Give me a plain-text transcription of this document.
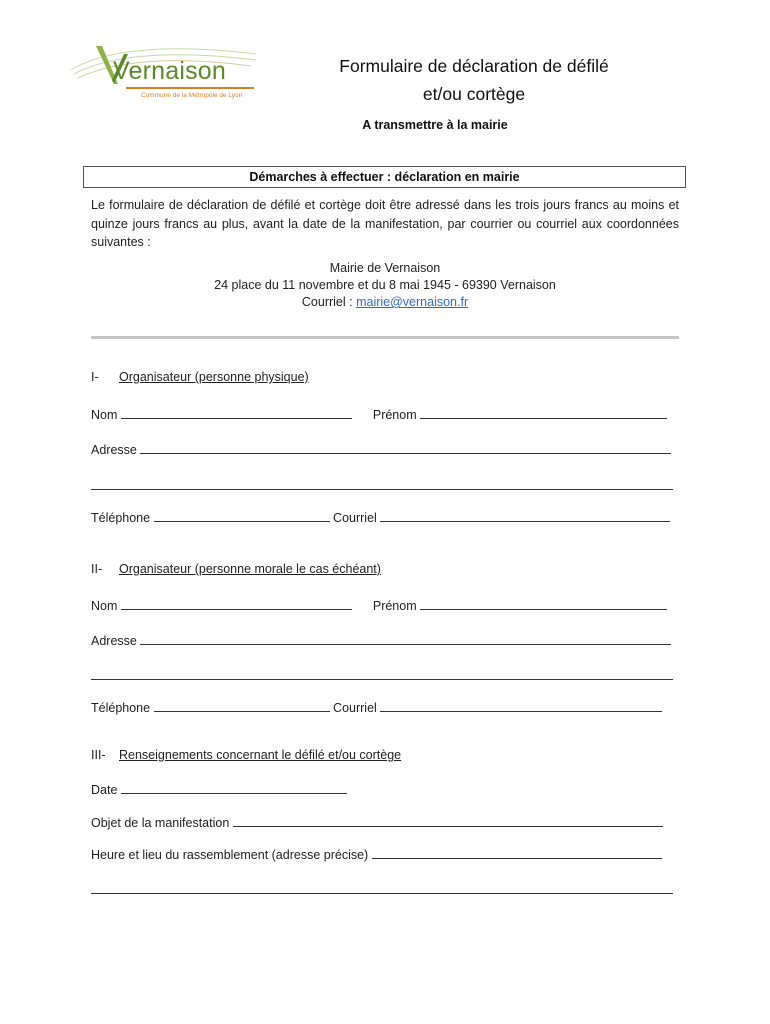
Vernaison
Commune de la Métropole de Lyon
Formulaire de déclaration de défilé
et/ou cortège
A transmettre à la mairie
Démarches à effectuer : déclaration en mairie

Le formulaire de déclaration de défilé et cortège doit être adressé dans les trois jours francs au moins et quinze jours francs au plus, avant la date de la manifestation, par courrier ou courriel aux coordonnées suivantes :

Mairie de Vernaison
24 place du 11 novembre et du 8 mai 1945 - 69390 Vernaison
Courriel : mairie@vernaison.fr
I- Organisateur (personne physique)
Nom	Prénom
Adresse
Téléphone	Courriel
II- Organisateur (personne morale le cas échéant)
Nom	Prénom
Adresse
Téléphone	Courriel
III- Renseignements concernant le défilé et/ou cortège
Date
Objet de la manifestation
Heure et lieu du rassemblement (adresse précise)
